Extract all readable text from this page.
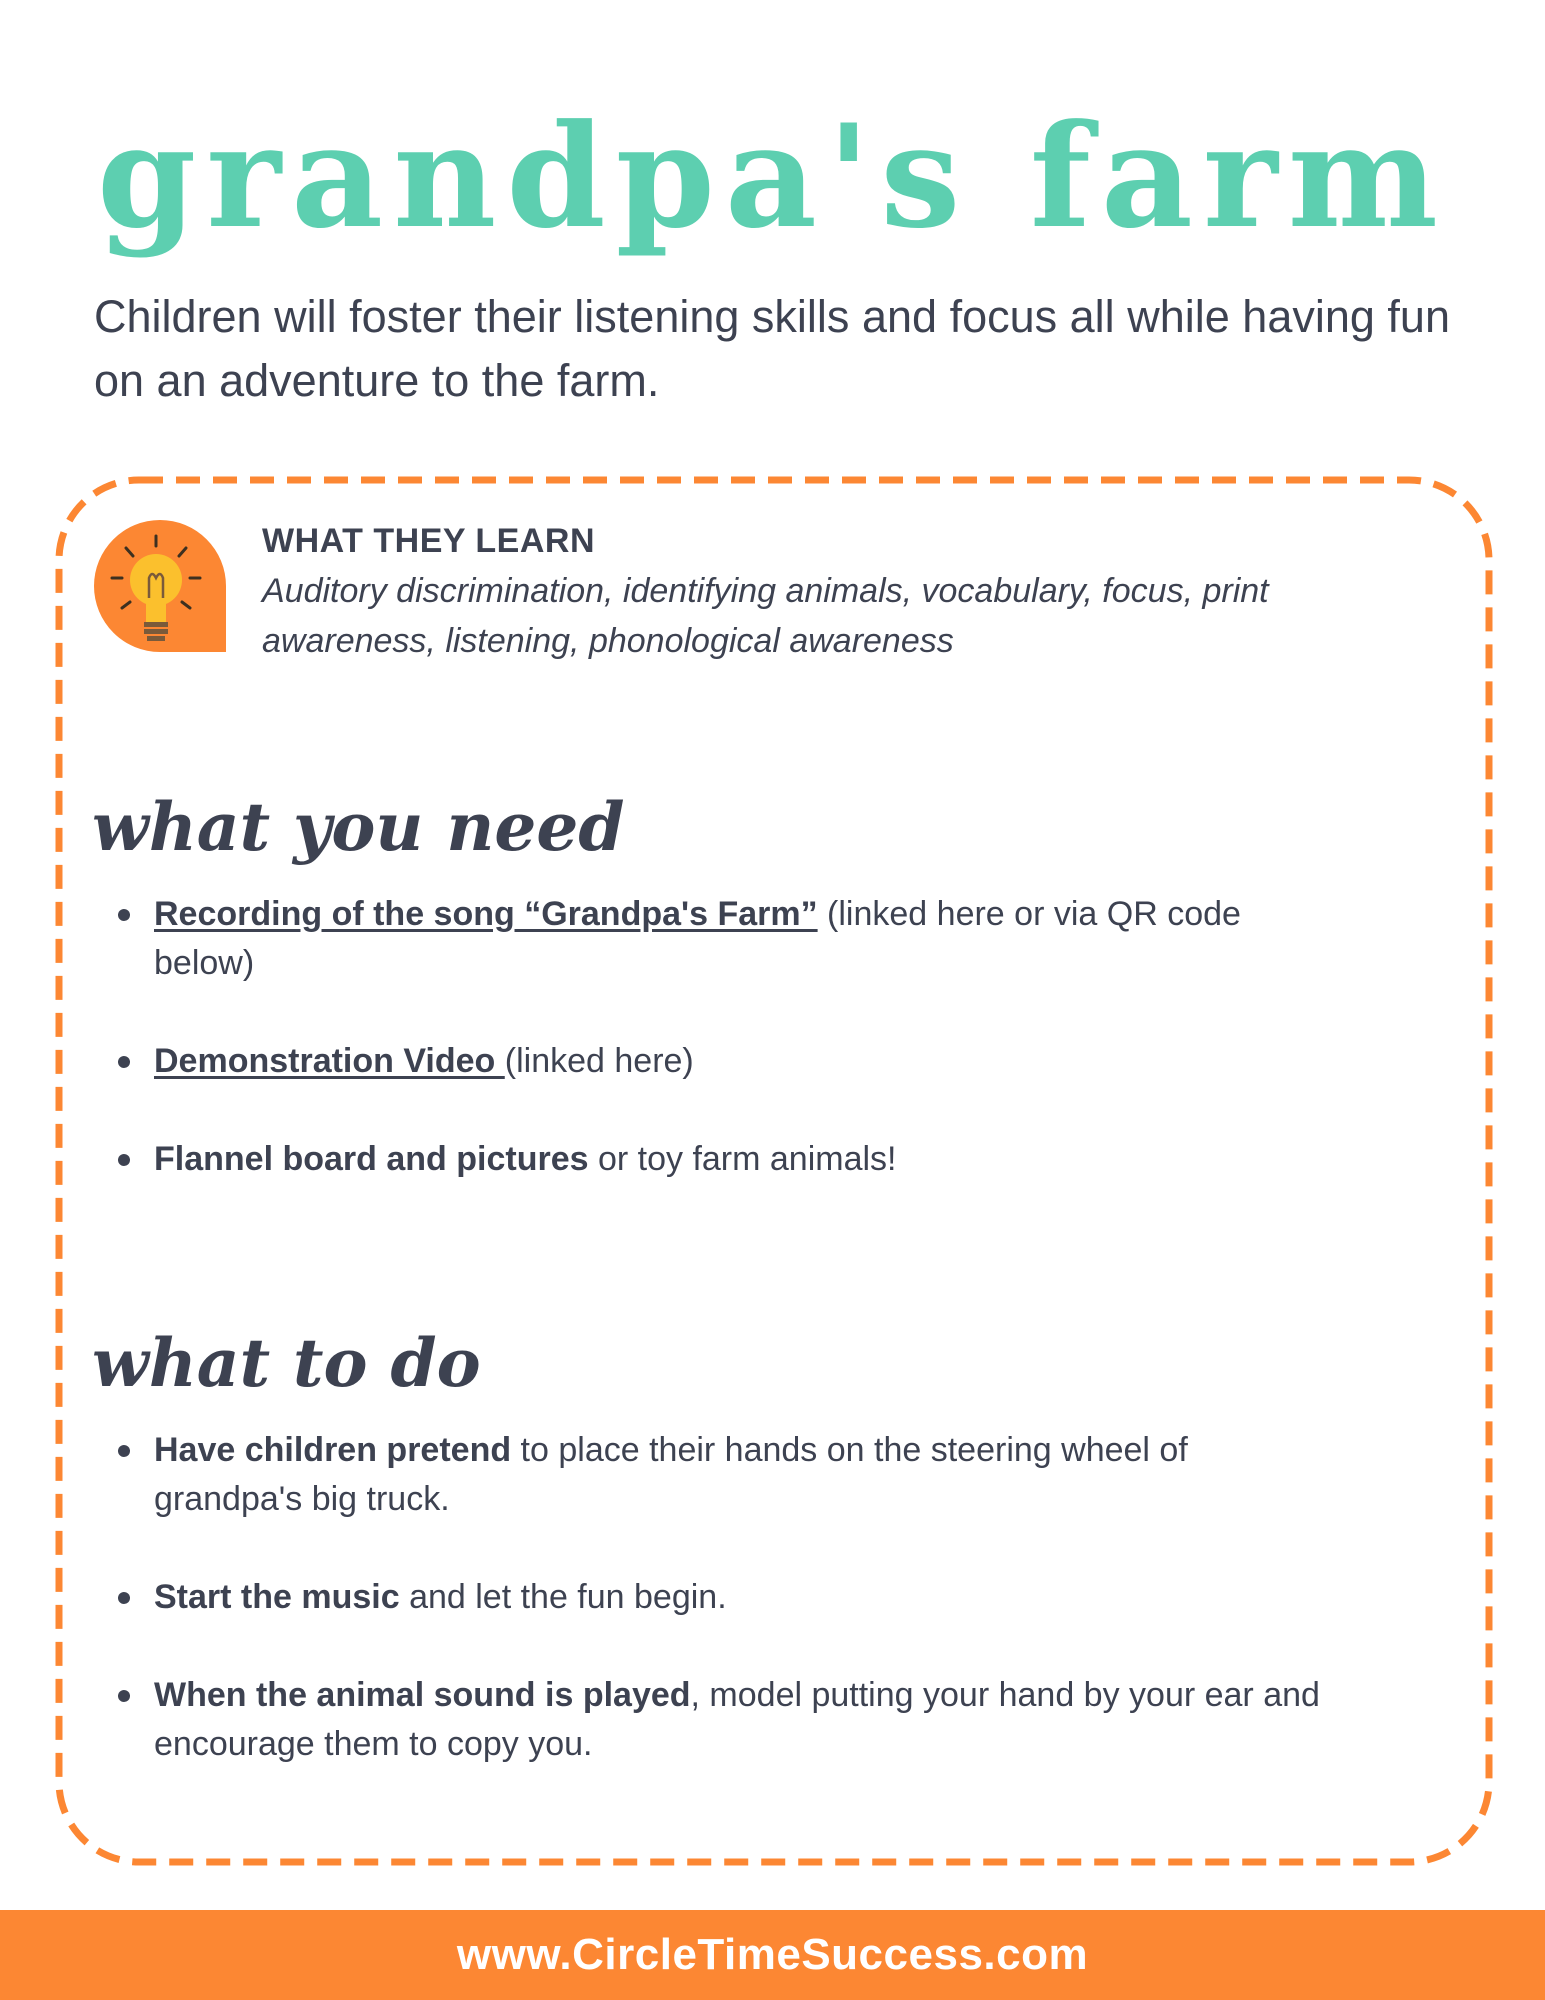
grandpa's farm
Children will foster their listening skills and focus all while having fun on an adventure to the farm.
WHAT THEY LEARN
Auditory discrimination, identifying animals, vocabulary, focus, print awareness, listening, phonological awareness
what you need
Recording of the song “Grandpa's Farm” (linked here or via QR code below)
Demonstration Video (linked here)
Flannel board and pictures or toy farm animals!
what to do
Have children pretend to place their hands on the steering wheel of grandpa's big truck.
Start the music and let the fun begin.
When the animal sound is played, model putting your hand by your ear and encourage them to copy you.
www.CircleTimeSuccess.com
